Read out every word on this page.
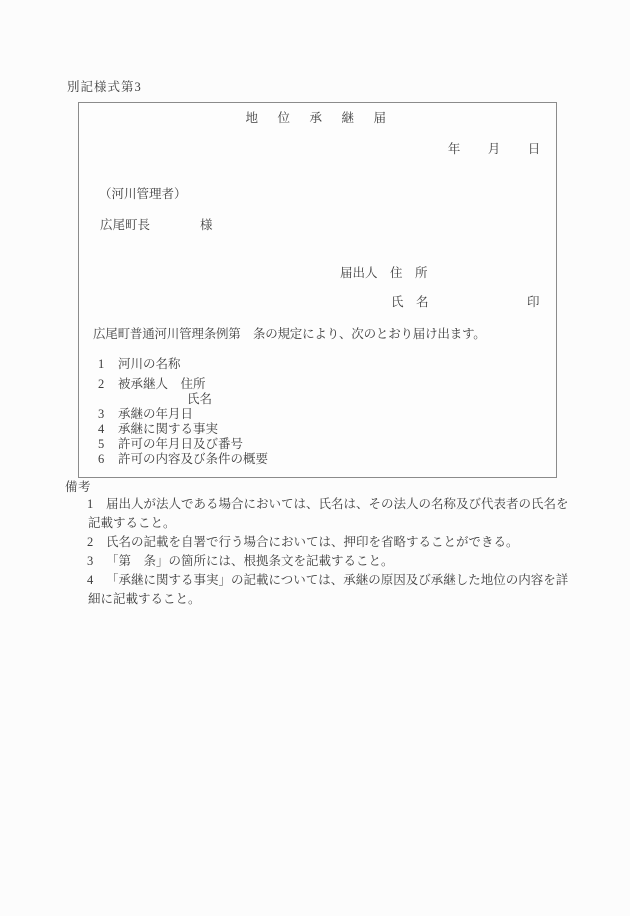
別記様式第3
地　位　承　継　届
年　　月　　日
（河川管理者）
広尾町長　　　　様
届出人　住　所
氏　名	印
広尾町普通河川管理条例第　条の規定により、次のとおり届け出ます。
1	河川の名称
2	被承継人　住所
氏名
3	承継の年月日
4	承継に関する事実
5	許可の年月日及び番号
6	許可の内容及び条件の概要
備考
1	届出人が法人である場合においては、氏名は、その法人の名称及び代表者の氏名を
記載すること。
2	氏名の記載を自署で行う場合においては、押印を省略することができる。
3	「第　条」の箇所には、根拠条文を記載すること。
4	「承継に関する事実」の記載については、承継の原因及び承継した地位の内容を詳
細に記載すること。
